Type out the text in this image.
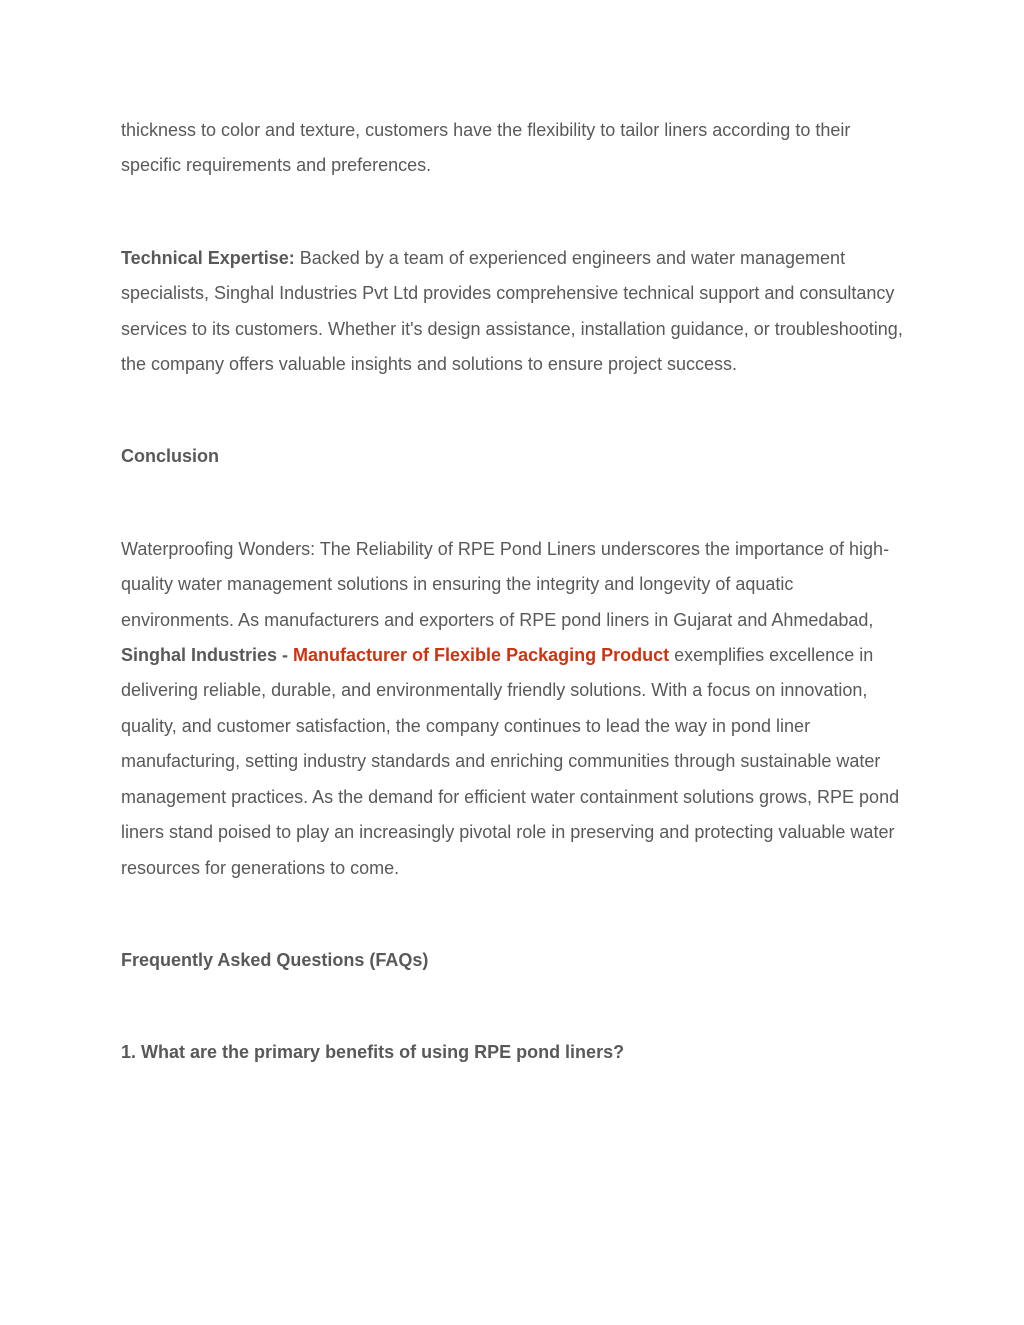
thickness to color and texture, customers have the flexibility to tailor liners according to their specific requirements and preferences.

Technical Expertise: Backed by a team of experienced engineers and water management specialists, Singhal Industries Pvt Ltd provides comprehensive technical support and consultancy services to its customers. Whether it's design assistance, installation guidance, or troubleshooting, the company offers valuable insights and solutions to ensure project success.

Conclusion

Waterproofing Wonders: The Reliability of RPE Pond Liners underscores the importance of high-quality water management solutions in ensuring the integrity and longevity of aquatic environments. As manufacturers and exporters of RPE pond liners in Gujarat and Ahmedabad, Singhal Industries - Manufacturer of Flexible Packaging Product exemplifies excellence in delivering reliable, durable, and environmentally friendly solutions. With a focus on innovation, quality, and customer satisfaction, the company continues to lead the way in pond liner manufacturing, setting industry standards and enriching communities through sustainable water management practices. As the demand for efficient water containment solutions grows, RPE pond liners stand poised to play an increasingly pivotal role in preserving and protecting valuable water resources for generations to come.

Frequently Asked Questions (FAQs)
1. What are the primary benefits of using RPE pond liners?
